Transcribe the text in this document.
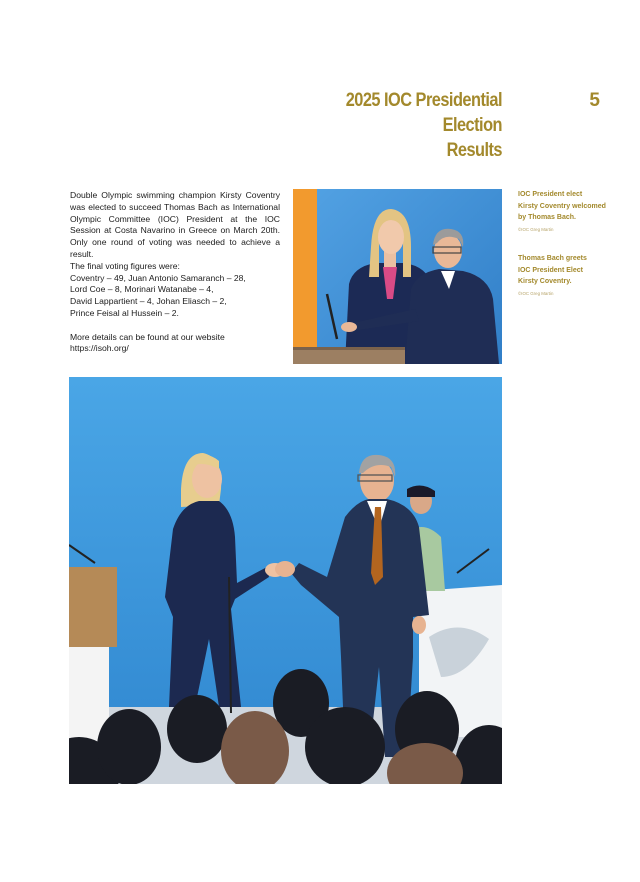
2025 IOC Presidential Election
Results
5
Double Olympic swimming champion Kirsty Coventry was elected to succeed Thomas Bach as International Olympic Committee (IOC) President at the IOC Session at Costa Navarino in Greece on March 20th. Only one round of voting was needed to achieve a result.
The final voting figures were:
Coventry – 49, Juan Antonio Samaranch – 28,
Lord Coe – 8, Morinari Watanabe – 4,
David Lappartient – 4, Johan Eliasch – 2,
Prince Feisal al Hussein – 2.
More details can be found at our website
https://isoh.org/
IOC President elect
Kirsty Coventry welcomed
by Thomas Bach.
©IOC Greg Martin
Thomas Bach greets
IOC President Elect
Kirsty Coventry.
©IOC Greg Martin
